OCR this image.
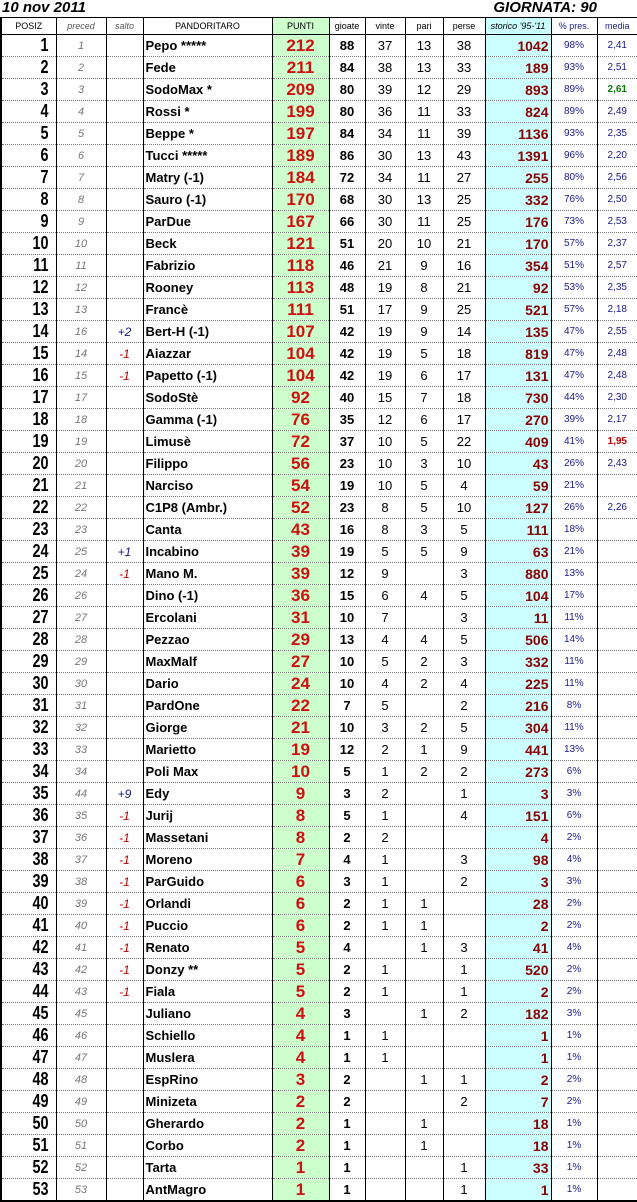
10 nov 2011	GIORNATA: 90
POSIZ	preced	salto	PANDORITARO	PUNTI	gioate	vinte	pari	perse	storico '95-'11	% pres.	media
1	1		Pepo *****	212	88	37	13	38	1042	98%	2,41
2	2		Fede	211	84	38	13	33	189	93%	2,51
3	3		SodoMax *	209	80	39	12	29	893	89%	2,61
4	4		Rossi *	199	80	36	11	33	824	89%	2,49
5	5		Beppe *	197	84	34	11	39	1136	93%	2,35
6	6		Tucci *****	189	86	30	13	43	1391	96%	2,20
7	7		Matry (-1)	184	72	34	11	27	255	80%	2,56
8	8		Sauro (-1)	170	68	30	13	25	332	76%	2,50
9	9		ParDue	167	66	30	11	25	176	73%	2,53
10	10		Beck	121	51	20	10	21	170	57%	2,37
11	11		Fabrizio	118	46	21	9	16	354	51%	2,57
12	12		Rooney	113	48	19	8	21	92	53%	2,35
13	13		Francè	111	51	17	9	25	521	57%	2,18
14	16	+2	Bert-H (-1)	107	42	19	9	14	135	47%	2,55
15	14	-1	Aiazzar	104	42	19	5	18	819	47%	2,48
16	15	-1	Papetto (-1)	104	42	19	6	17	131	47%	2,48
17	17		SodoStè	92	40	15	7	18	730	44%	2,30
18	18		Gamma (-1)	76	35	12	6	17	270	39%	2,17
19	19		Limusè	72	37	10	5	22	409	41%	1,95
20	20		Filippo	56	23	10	3	10	43	26%	2,43
21	21		Narciso	54	19	10	5	4	59	21%	
22	22		C1P8 (Ambr.)	52	23	8	5	10	127	26%	2,26
23	23		Canta	43	16	8	3	5	111	18%	
24	25	+1	Incabino	39	19	5	5	9	63	21%	
25	24	-1	Mano M.	39	12	9		3	880	13%	
26	26		Dino (-1)	36	15	6	4	5	104	17%	
27	27		Ercolani	31	10	7		3	11	11%	
28	28		Pezzao	29	13	4	4	5	506	14%	
29	29		MaxMalf	27	10	5	2	3	332	11%	
30	30		Dario	24	10	4	2	4	225	11%	
31	31		PardOne	22	7	5		2	216	8%	
32	32		Giorge	21	10	3	2	5	304	11%	
33	33		Marietto	19	12	2	1	9	441	13%	
34	34		Poli Max	10	5	1	2	2	273	6%	
35	44	+9	Edy	9	3	2		1	3	3%	
36	35	-1	Jurij	8	5	1		4	151	6%	
37	36	-1	Massetani	8	2	2			4	2%	
38	37	-1	Moreno	7	4	1		3	98	4%	
39	38	-1	ParGuido	6	3	1		2	3	3%	
40	39	-1	Orlandi	6	2	1	1		28	2%	
41	40	-1	Puccio	6	2	1	1		2	2%	
42	41	-1	Renato	5	4		1	3	41	4%	
43	42	-1	Donzy **	5	2	1		1	520	2%	
44	43	-1	Fiala	5	2	1		1	2	2%	
45	45		Juliano	4	3		1	2	182	3%	
46	46		Schiello	4	1	1			1	1%	
47	47		Muslera	4	1	1			1	1%	
48	48		EspRino	3	2		1	1	2	2%	
49	49		Minizeta	2	2			2	7	2%	
50	50		Gherardo	2	1		1		18	1%	
51	51		Corbo	2	1		1		18	1%	
52	52		Tarta	1	1			1	33	1%	
53	53		AntMagro	1	1			1	1	1%	
